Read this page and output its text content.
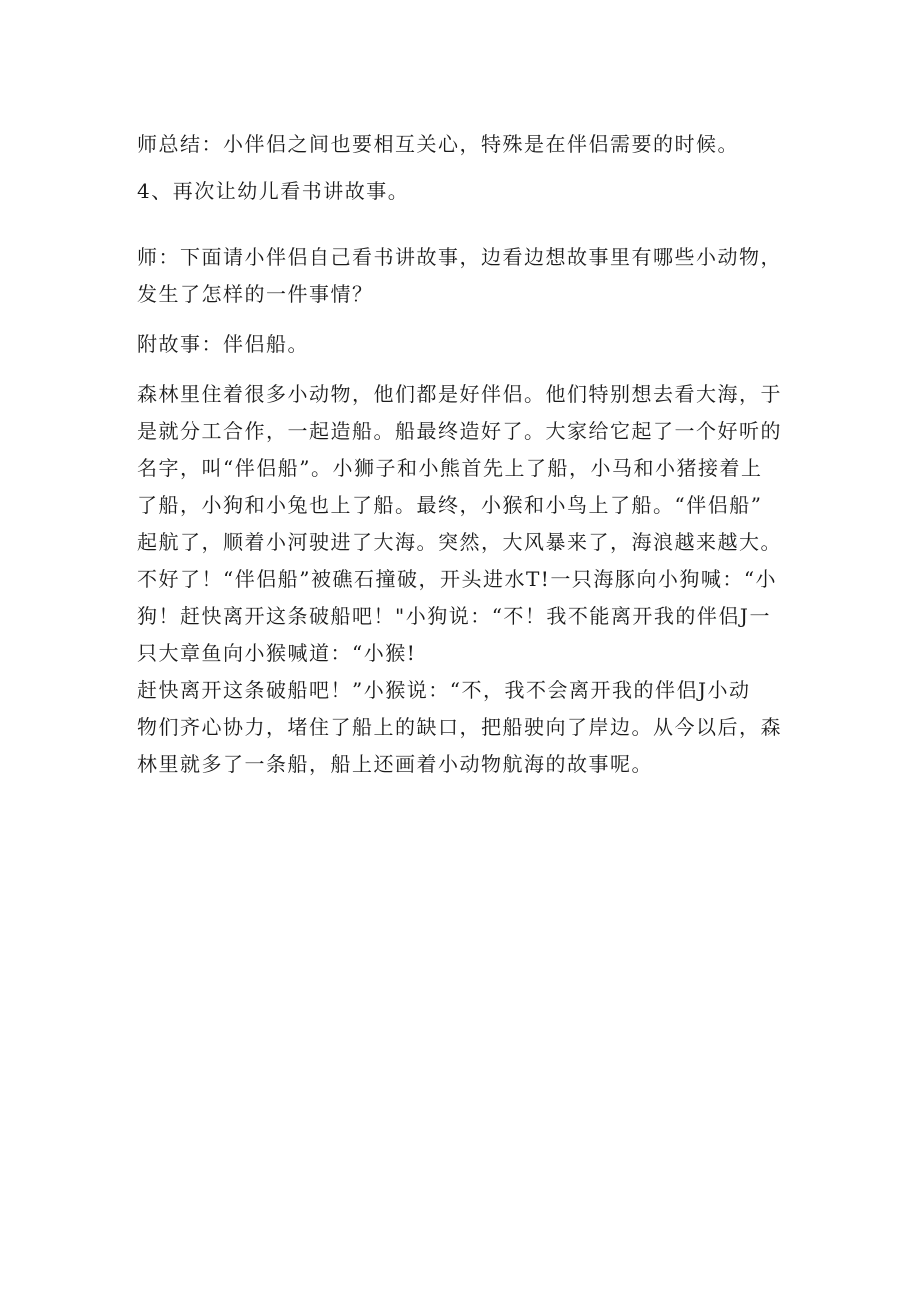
师总结：小伴侣之间也要相互关心，特殊是在伴侣需要的时候。

4、再次让幼儿看书讲故事。

师：下面请小伴侣自己看书讲故事，边看边想故事里有哪些小动物，

发生了怎样的一件事情？

附故事：伴侣船。

森林里住着很多小动物，他们都是好伴侣。他们特别想去看大海，于

是就分工合作，一起造船。船最终造好了。大家给它起了一个好听的

名字，叫“伴侣船”。小狮子和小熊首先上了船，小马和小猪接着上

了船，小狗和小兔也上了船。最终，小猴和小鸟上了船。“伴侣船”

起航了，顺着小河驶进了大海。突然，大风暴来了，海浪越来越大。

不好了！“伴侣船”被礁石撞破，开头进水T!一只海豚向小狗喊：“小

狗！赶快离开这条破船吧！"小狗说：“不！我不能离开我的伴侣J一

只大章鱼向小猴喊道：“小猴!

赶快离开这条破船吧！”小猴说：“不，我不会离开我的伴侣J小动

物们齐心协力，堵住了船上的缺口，把船驶向了岸边。从今以后，森

林里就多了一条船，船上还画着小动物航海的故事呢。
